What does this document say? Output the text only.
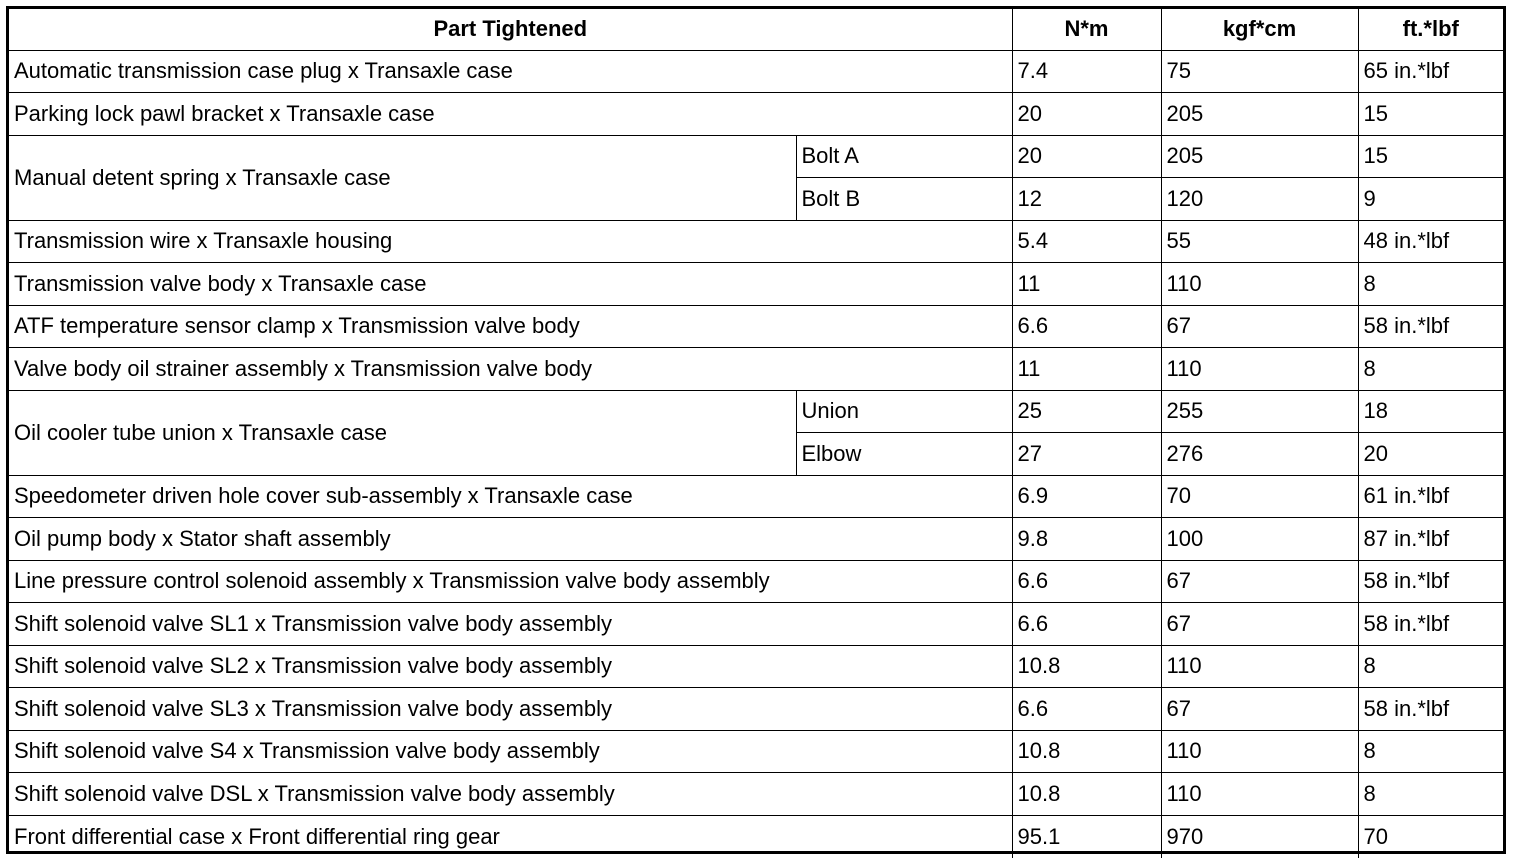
Part Tightened		N*m	kgf*cm	ft.*lbf
Automatic transmission case plug x Transaxle case		7.4	75	65 in.*lbf
Parking lock pawl bracket x Transaxle case		20	205	15
Manual detent spring x Transaxle case	Bolt A	20	205	15
	Bolt B	12	120	9
Transmission wire x Transaxle housing		5.4	55	48 in.*lbf
Transmission valve body x Transaxle case		11	110	8
ATF temperature sensor clamp x Transmission valve body		6.6	67	58 in.*lbf
Valve body oil strainer assembly x Transmission valve body		11	110	8
Oil cooler tube union x Transaxle case	Union	25	255	18
	Elbow	27	276	20
Speedometer driven hole cover sub-assembly x Transaxle case		6.9	70	61 in.*lbf
Oil pump body x Stator shaft assembly		9.8	100	87 in.*lbf
Line pressure control solenoid assembly x Transmission valve body assembly		6.6	67	58 in.*lbf
Shift solenoid valve SL1 x Transmission valve body assembly		6.6	67	58 in.*lbf
Shift solenoid valve SL2 x Transmission valve body assembly		10.8	110	8
Shift solenoid valve SL3 x Transmission valve body assembly		6.6	67	58 in.*lbf
Shift solenoid valve S4 x Transmission valve body assembly		10.8	110	8
Shift solenoid valve DSL x Transmission valve body assembly		10.8	110	8
Front differential case x Front differential ring gear		95.1	970	70
